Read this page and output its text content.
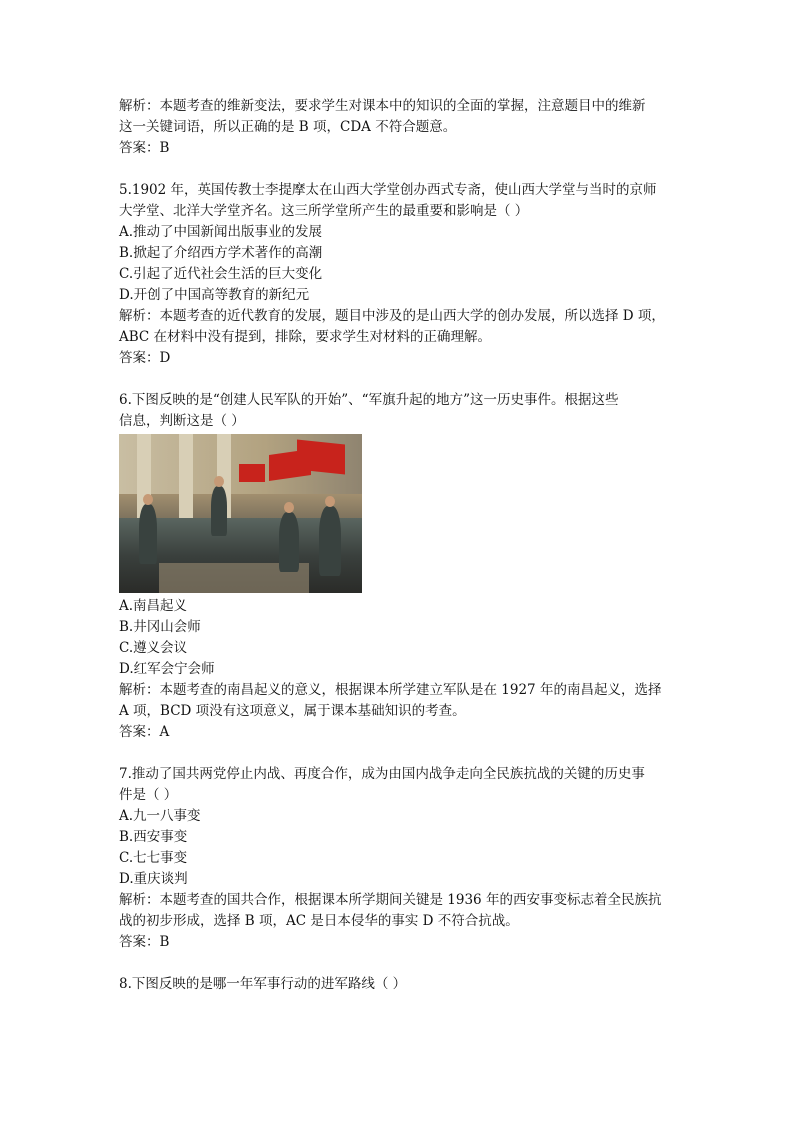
解析：本题考查的维新变法，要求学生对课本中的知识的全面的掌握，注意题目中的维新
这一关键词语，所以正确的是 B 项，CDA 不符合题意。
答案：B
5.1902 年，英国传教士李提摩太在山西大学堂创办西式专斋，使山西大学堂与当时的京师
大学堂、北洋大学堂齐名。这三所学堂所产生的最重要和影响是（ ）
A.推动了中国新闻出版事业的发展
B.掀起了介绍西方学术著作的高潮
C.引起了近代社会生活的巨大变化
D.开创了中国高等教育的新纪元
解析：本题考查的近代教育的发展，题目中涉及的是山西大学的创办发展，所以选择 D 项，
ABC 在材料中没有提到，排除，要求学生对材料的正确理解。
答案：D
6.下图反映的是“创建人民军队的开始”、“军旗升起的地方”这一历史事件。根据这些
信息，判断这是（ ）
A.南昌起义
B.井冈山会师
C.遵义会议
D.红军会宁会师
解析：本题考查的南昌起义的意义，根据课本所学建立军队是在 1927 年的南昌起义，选择
A 项，BCD 项没有这项意义，属于课本基础知识的考查。
答案：A
7.推动了国共两党停止内战、再度合作，成为由国内战争走向全民族抗战的关键的历史事
件是（ ）
A.九一八事变
B.西安事变
C.七七事变
D.重庆谈判
解析：本题考查的国共合作，根据课本所学期间关键是 1936 年的西安事变标志着全民族抗
战的初步形成，选择 B 项，AC 是日本侵华的事实 D 不符合抗战。
答案：B
8.下图反映的是哪一年军事行动的进军路线（ ）
